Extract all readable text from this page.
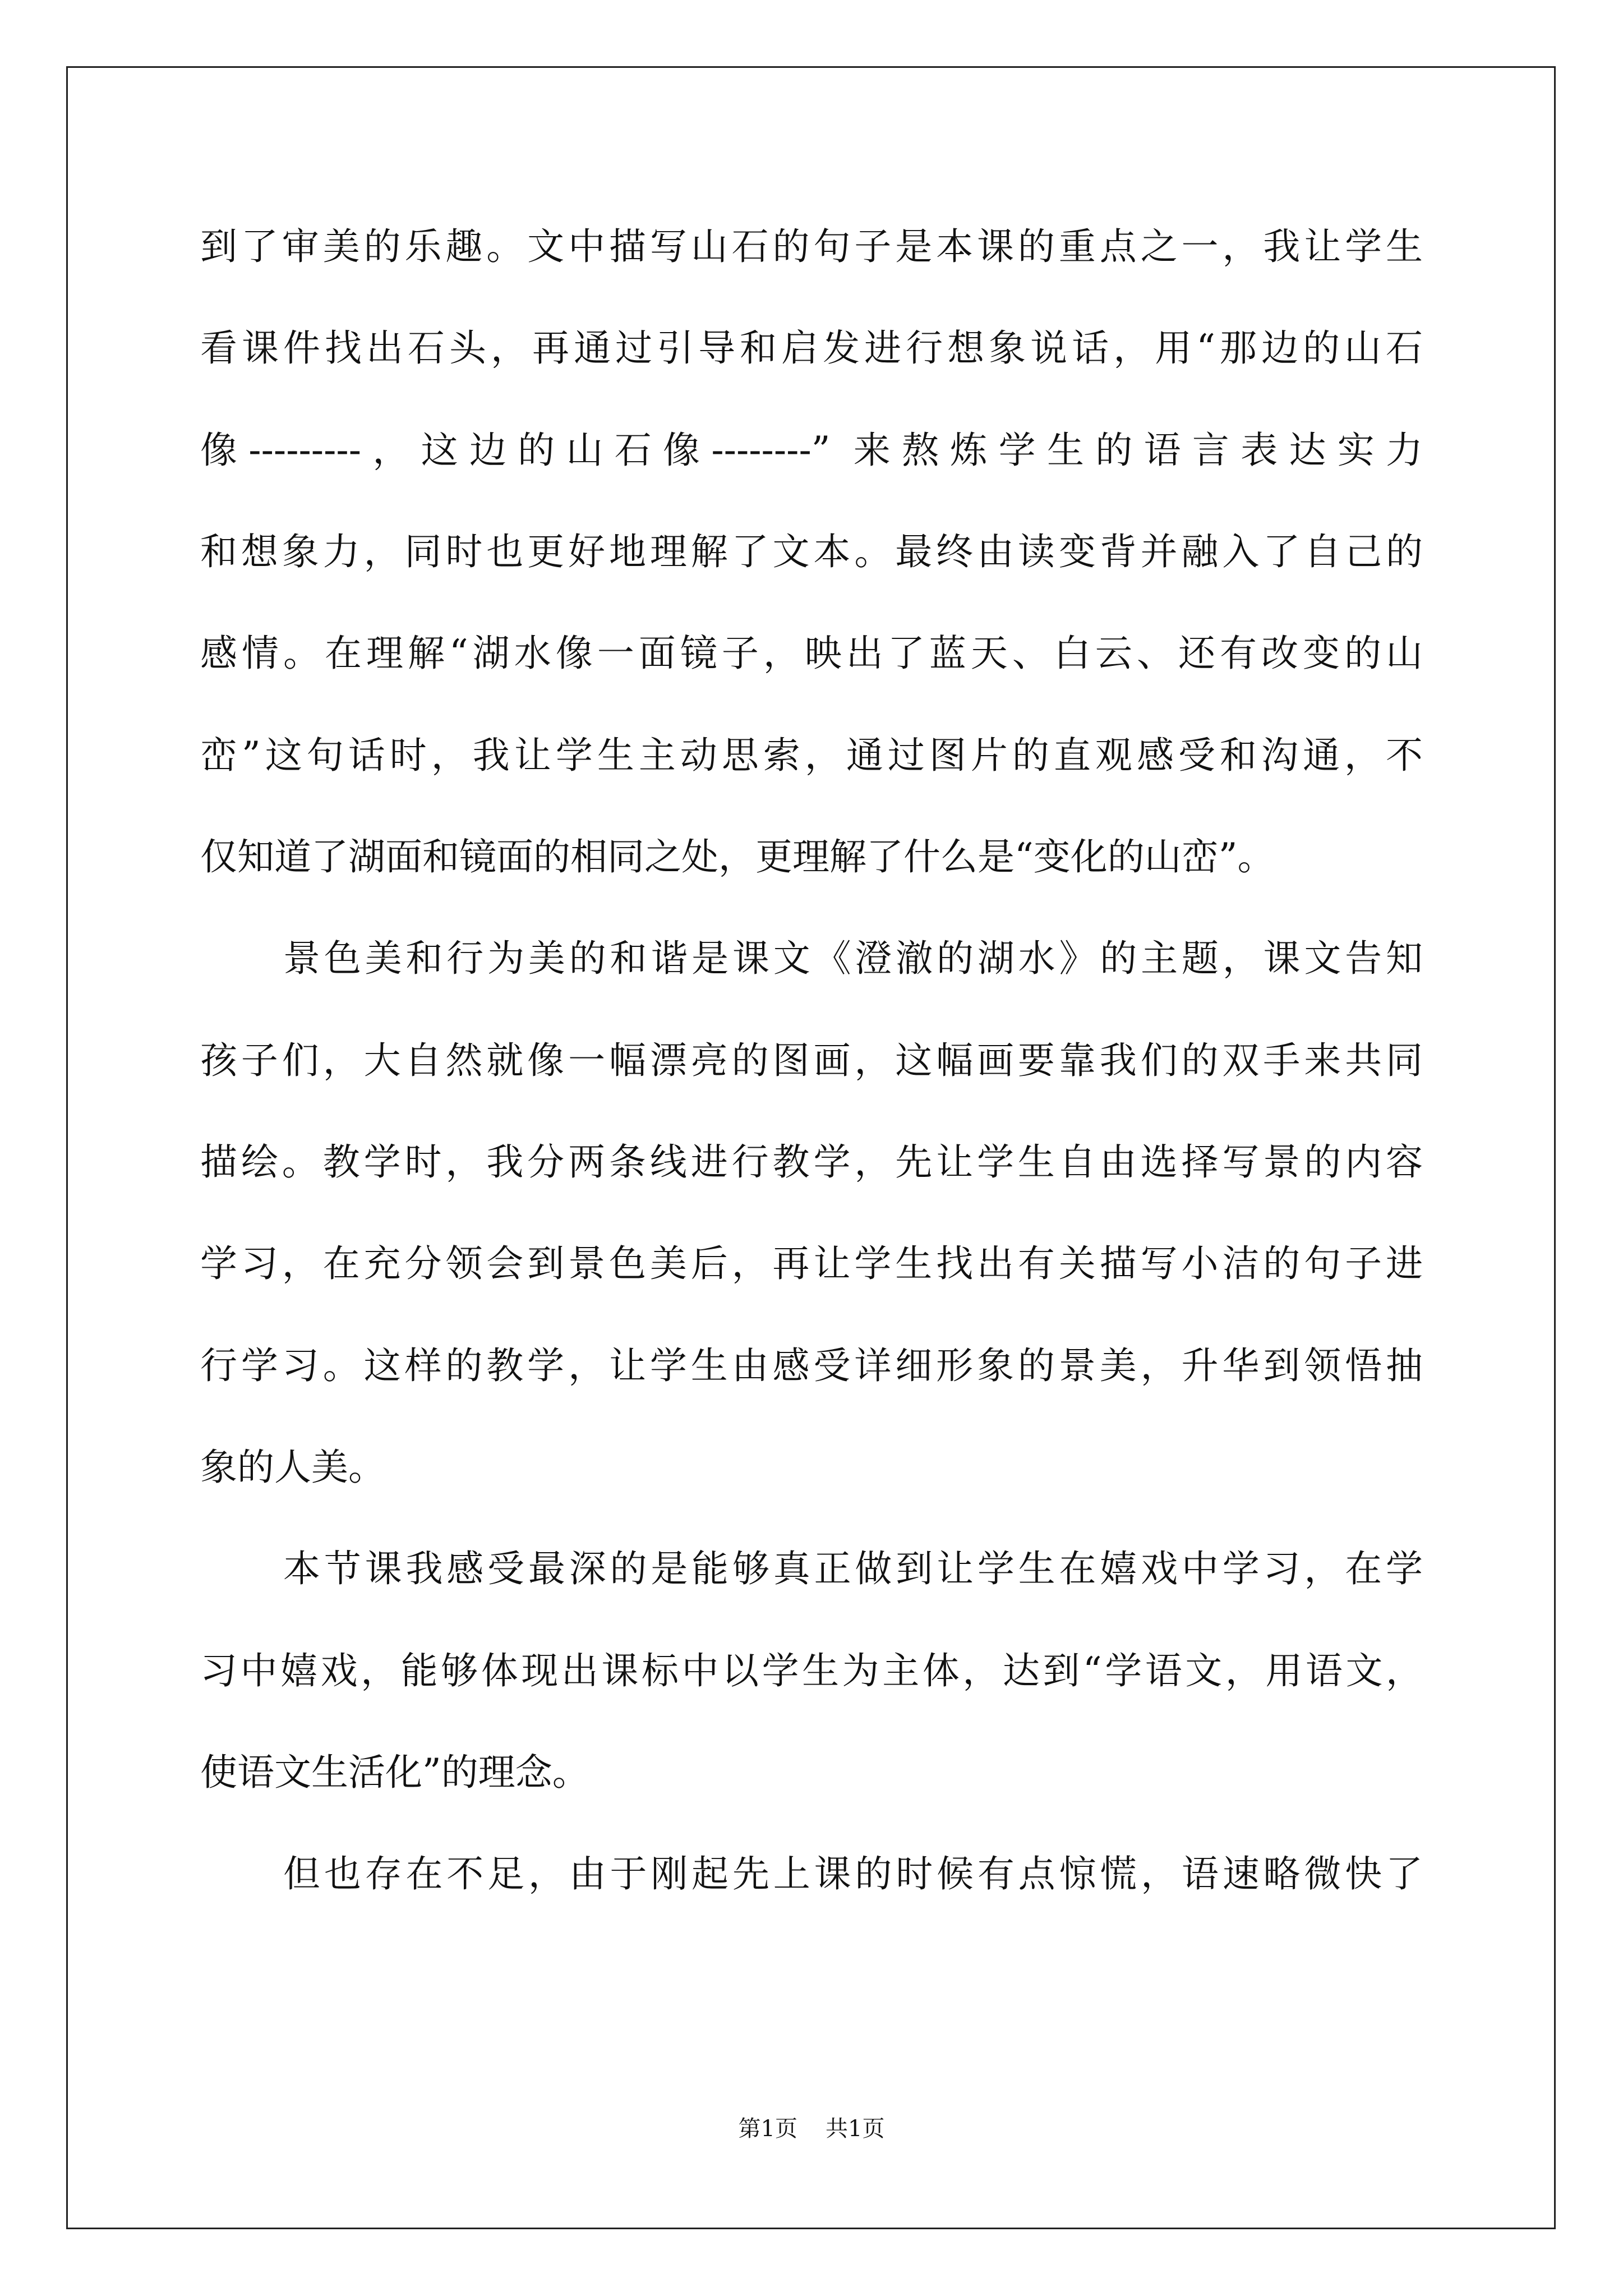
到了审美的乐趣。文中描写山石的句子是本课的重点之一，我让学生
看课件找出石头，再通过引导和启发进行想象说话，用“那边的山石
像---------，这边的山石像--------” 来熬炼学生的语言表达实力
和想象力，同时也更好地理解了文本。最终由读变背并融入了自己的
感情。在理解“湖水像一面镜子，映出了蓝天、白云、还有改变的山
峦”这句话时，我让学生主动思索，通过图片的直观感受和沟通，不
仅知道了湖面和镜面的相同之处，更理解了什么是“变化的山峦”。
景色美和行为美的和谐是课文《澄澈的湖水》的主题，课文告知
孩子们，大自然就像一幅漂亮的图画，这幅画要靠我们的双手来共同
描绘。教学时，我分两条线进行教学，先让学生自由选择写景的内容
学习，在充分领会到景色美后，再让学生找出有关描写小洁的句子进
行学习。这样的教学，让学生由感受详细形象的景美，升华到领悟抽
象的人美。
本节课我感受最深的是能够真正做到让学生在嬉戏中学习，在学
习中嬉戏，能够体现出课标中以学生为主体，达到“学语文，用语文，
使语文生活化”的理念。
但也存在不足，由于刚起先上课的时候有点惊慌，语速略微快了
第1页 共1页
